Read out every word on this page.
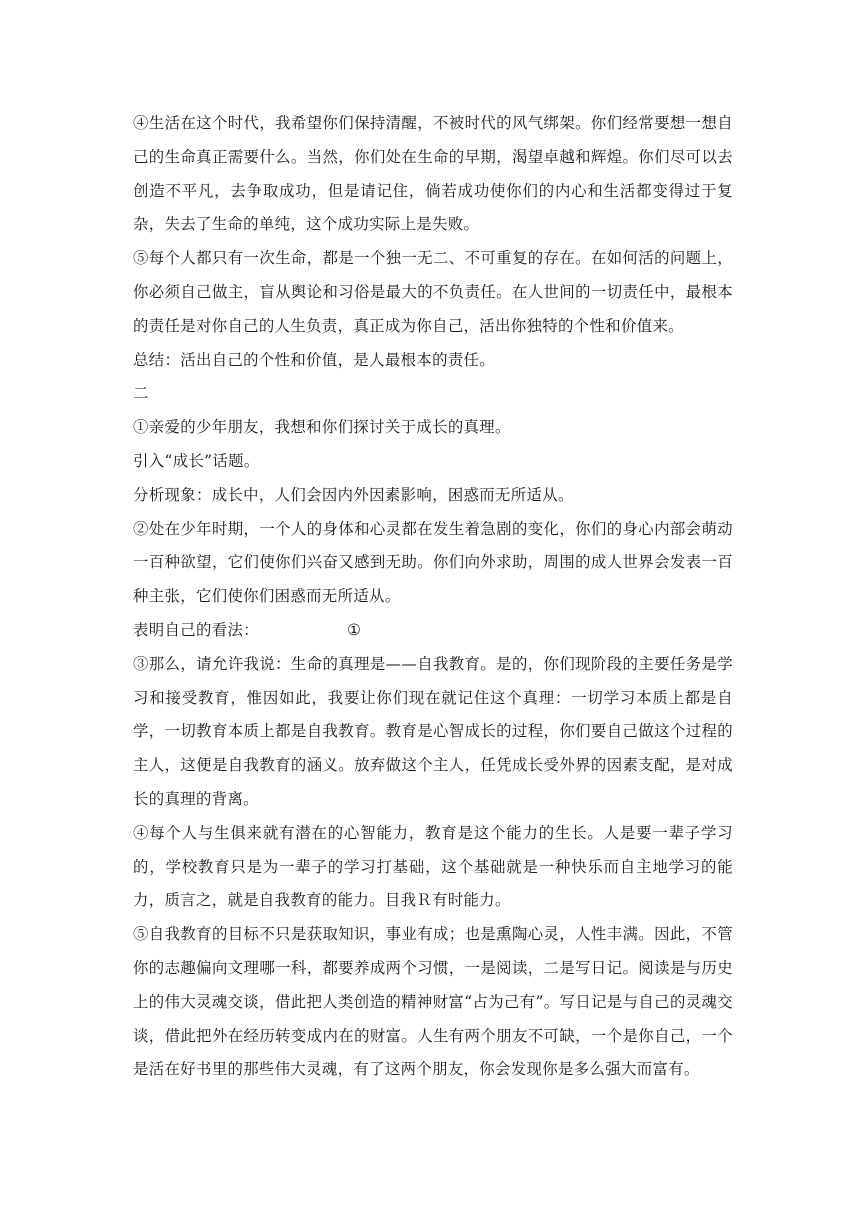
④生活在这个时代，我希望你们保持清醒，不被时代的风气绑架。你们经常要想一想自己的生命真正需要什么。当然，你们处在生命的早期，渴望卓越和辉煌。你们尽可以去创造不平凡，去争取成功，但是请记住，倘若成功使你们的内心和生活都变得过于复杂，失去了生命的单纯，这个成功实际上是失败。

⑤每个人都只有一次生命，都是一个独一无二、不可重复的存在。在如何活的问题上，你必须自己做主，盲从舆论和习俗是最大的不负责任。在人世间的一切责任中，最根本的责任是对你自己的人生负责，真正成为你自己，活出你独特的个性和价值来。

总结：活出自己的个性和价值，是人最根本的责任。

二

①亲爱的少年朋友，我想和你们探讨关于成长的真理。

引入“成长”话题。

分析现象：成长中，人们会因内外因素影响，困惑而无所适从。

②处在少年时期，一个人的身体和心灵都在发生着急剧的变化，你们的身心内部会萌动一百种欲望，它们使你们兴奋又感到无助。你们向外求助，周围的成人世界会发表一百种主张，它们使你们困惑而无所适从。

表明自己的看法：	①

③那么，请允许我说：生命的真理是——自我教育。是的，你们现阶段的主要任务是学习和接受教育，惟因如此，我要让你们现在就记住这个真理：一切学习本质上都是自学，一切教育本质上都是自我教育。教育是心智成长的过程，你们要自己做这个过程的主人，这便是自我教育的涵义。放弃做这个主人，任凭成长受外界的因素支配，是对成长的真理的背离。

④每个人与生俱来就有潜在的心智能力，教育是这个能力的生长。人是要一辈子学习的，学校教育只是为一辈子的学习打基础，这个基础就是一种快乐而自主地学习的能力，质言之，就是自我教育的能力。目我Ｒ有时能力。

⑤自我教育的目标不只是获取知识，事业有成；也是熏陶心灵，人性丰满。因此，不管你的志趣偏向文理哪一科，都要养成两个习惯，一是阅读，二是写日记。阅读是与历史上的伟大灵魂交谈，借此把人类创造的精神财富“占为己有”。写日记是与自己的灵魂交谈，借此把外在经历转变成内在的财富。人生有两个朋友不可缺，一个是你自己，一个是活在好书里的那些伟大灵魂，有了这两个朋友，你会发现你是多么强大而富有。
